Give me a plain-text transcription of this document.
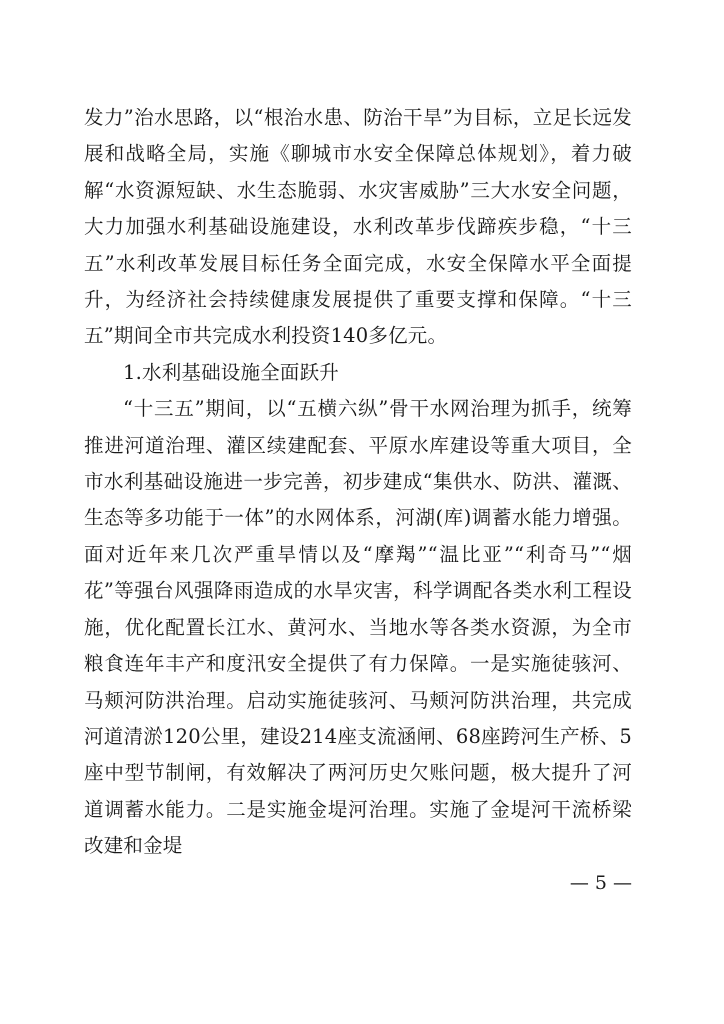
发力”治水思路，以“根治水患、防治干旱”为目标，立足长远发展和战略全局，实施《聊城市水安全保障总体规划》，着力破解“水资源短缺、水生态脆弱、水灾害威胁”三大水安全问题，大力加强水利基础设施建设，水利改革步伐蹄疾步稳，“十三五”水利改革发展目标任务全面完成，水安全保障水平全面提升，为经济社会持续健康发展提供了重要支撑和保障。“十三五”期间全市共完成水利投资140多亿元。

1.水利基础设施全面跃升

“十三五”期间，以“五横六纵”骨干水网治理为抓手，统筹推进河道治理、灌区续建配套、平原水库建设等重大项目，全市水利基础设施进一步完善，初步建成“集供水、防洪、灌溉、生态等多功能于一体”的水网体系，河湖(库)调蓄水能力增强。面对近年来几次严重旱情以及“摩羯”“温比亚”“利奇马”“烟花”等强台风强降雨造成的水旱灾害，科学调配各类水利工程设施，优化配置长江水、黄河水、当地水等各类水资源，为全市粮食连年丰产和度汛安全提供了有力保障。一是实施徒骇河、马颊河防洪治理。启动实施徒骇河、马颊河防洪治理，共完成河道清淤120公里，建设214座支流涵闸、68座跨河生产桥、5座中型节制闸，有效解决了两河历史欠账问题，极大提升了河道调蓄水能力。二是实施金堤河治理。实施了金堤河干流桥梁改建和金堤

— 5 —
